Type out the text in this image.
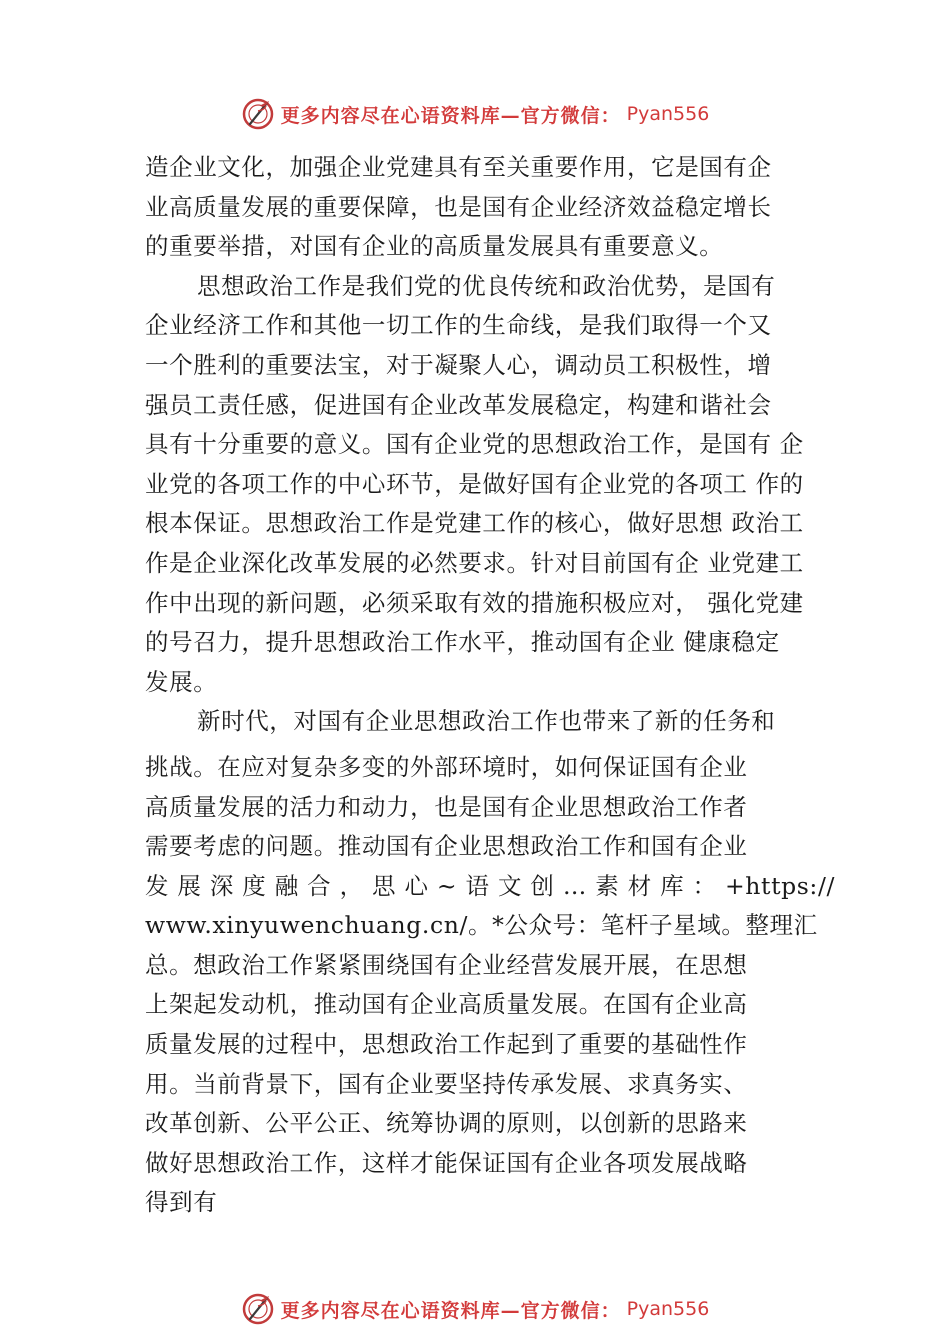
更多内容尽在心语资料库—官方微信： Pyan556
造企业文化，加强企业党建具有至关重要作用，它是国有企
业高质量发展的重要保障，也是国有企业经济效益稳定增长
的重要举措，对国有企业的高质量发展具有重要意义。
思想政治工作是我们党的优良传统和政治优势，是国有
企业经济工作和其他一切工作的生命线，是我们取得一个又
一个胜利的重要法宝，对于凝聚人心，调动员工积极性，增
强员工责任感，促进国有企业改革发展稳定，构建和谐社会
具有十分重要的意义。国有企业党的思想政治工作，是国有 企
业党的各项工作的中心环节，是做好国有企业党的各项工 作的
根本保证。思想政治工作是党建工作的核心，做好思想 政治工
作是企业深化改革发展的必然要求。针对目前国有企 业党建工
作中出现的新问题，必须采取有效的措施积极应对， 强化党建
的号召力，提升思想政治工作水平，推动国有企业 健康稳定
发展。
新时代，对国有企业思想政治工作也带来了新的任务和
挑战。在应对复杂多变的外部环境时，如何保证国有企业
高质量发展的活力和动力，也是国有企业思想政治工作者
需要考虑的问题。推动国有企业思想政治工作和国有企业
发展深度融合，思心~语文创…素材库：+https://
www.xinyuwenchuang.cn/。*公众号：笔杆子星域。整理汇
总。想政治工作紧紧围绕国有企业经营发展开展，在思想
上架起发动机，推动国有企业高质量发展。在国有企业高
质量发展的过程中，思想政治工作起到了重要的基础性作
用。当前背景下，国有企业要坚持传承发展、求真务实、
改革创新、公平公正、统筹协调的原则，以创新的思路来
做好思想政治工作，这样才能保证国有企业各项发展战略
得到有
更多内容尽在心语资料库—官方微信： Pyan556
